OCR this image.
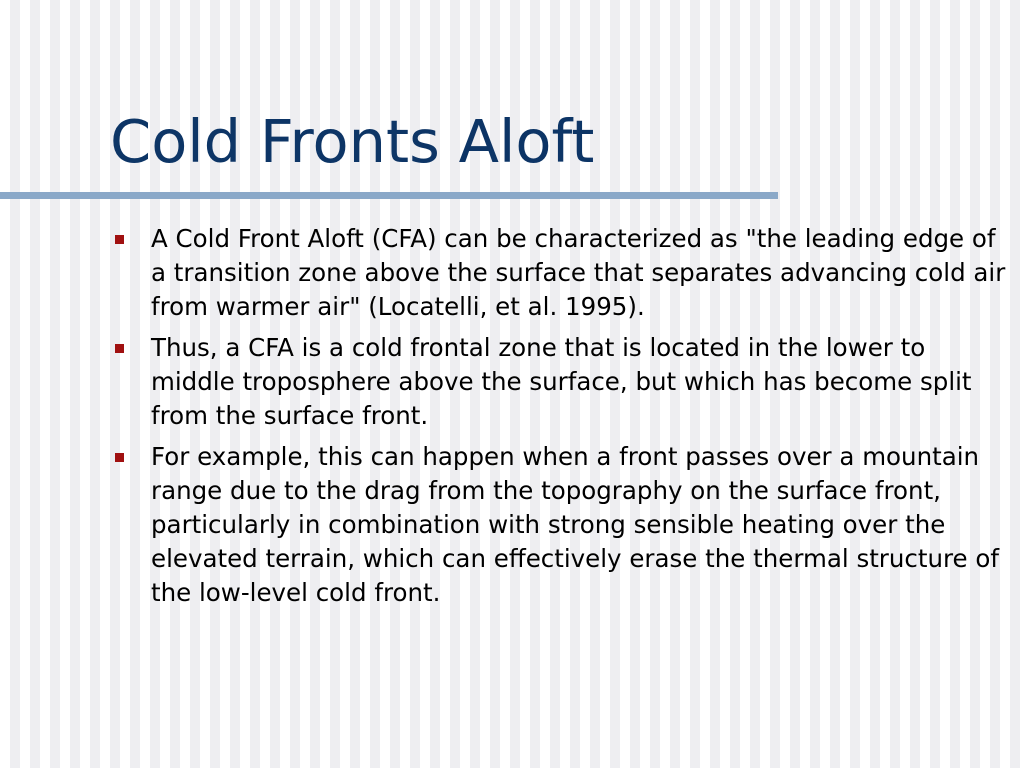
Cold Fronts Aloft
A Cold Front Aloft (CFA) can be characterized as "the leading edge of a transition zone above the surface that separates advancing cold air from warmer air" (Locatelli, et al. 1995).
Thus, a CFA is a cold frontal zone that is located in the lower to middle troposphere above the surface, but which has become split from the surface front.
For example, this can happen when a front passes over a mountain range due to the drag from the topography on the surface front, particularly in combination with strong sensible heating over the elevated terrain, which can effectively erase the thermal structure of the low-level cold front.
